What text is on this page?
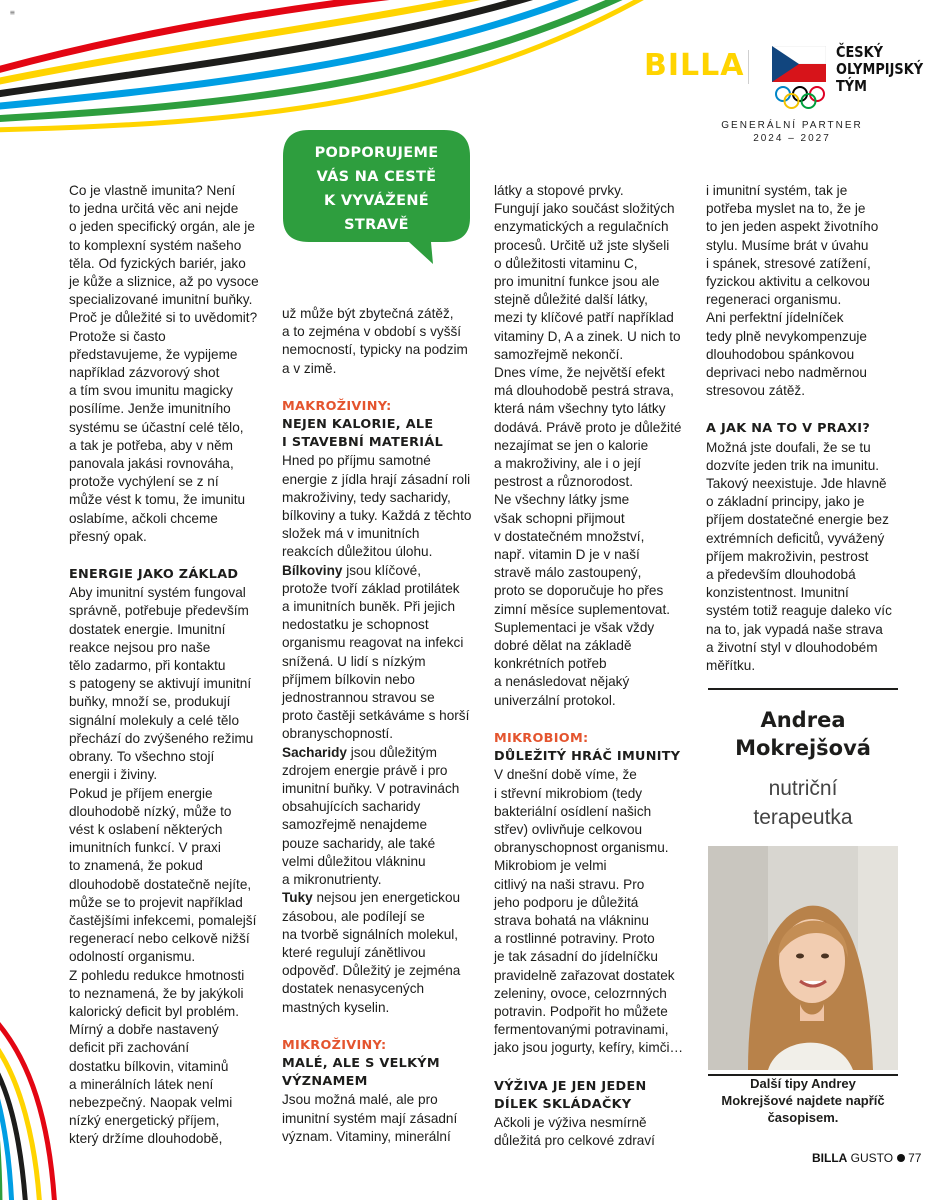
≡
BILLA	ČESKÝ
OLYMPIJSKÝ
TÝM
GENERÁLNÍ PARTNER
2024 – 2027
PODPORUJEME
VÁS NA CESTĚ
K VYVÁŽENÉ
STRAVĚ
Co je vlastně imunita? Není
to jedna určitá věc ani nejde
o jeden specifický orgán, ale je
to komplexní systém našeho
těla. Od fyzických bariér, jako
je kůže a sliznice, až po vysoce
specializované imunitní buňky.
Proč je důležité si to uvědomit?
Protože si často
představujeme, že vypijeme
například zázvorový shot
a tím svou imunitu magicky
posílíme. Jenže imunitního
systému se účastní celé tělo,
a tak je potřeba, aby v něm
panovala jakási rovnováha,
protože vychýlení se z ní
může vést k tomu, že imunitu
oslabíme, ačkoli chceme
přesný opak.

ENERGIE JAKO ZÁKLAD

Aby imunitní systém fungoval
správně, potřebuje především
dostatek energie. Imunitní
reakce nejsou pro naše
tělo zadarmo, při kontaktu
s patogeny se aktivují imunitní
buňky, množí se, produkují
signální molekuly a celé tělo
přechází do zvýšeného režimu
obrany. To všechno stojí
energii i živiny.
Pokud je příjem energie
dlouhodobě nízký, může to
vést k oslabení některých
imunitních funkcí. V praxi
to znamená, že pokud
dlouhodobě dostatečně nejíte,
může se to projevit například
častějšími infekcemi, pomalejší
regenerací nebo celkově nižší
odolností organismu.
Z pohledu redukce hmotnosti
to neznamená, že by jakýkoli
kalorický deficit byl problém.
Mírný a dobře nastavený
deficit při zachování
dostatku bílkovin, vitaminů
a minerálních látek není
nebezpečný. Naopak velmi
nízký energetický příjem,
který držíme dlouhodobě,
už může být zbytečná zátěž,
a to zejména v období s vyšší
nemocností, typicky na podzim
a v zimě.

MAKROŽIVINY:

NEJEN KALORIE, ALE
I STAVEBNÍ MATERIÁL
Hned po příjmu samotné
energie z jídla hrají zásadní roli
makroživiny, tedy sacharidy,
bílkoviny a tuky. Každá z těchto
složek má v imunitních
reakcích důležitou úlohu.

Bílkoviny jsou klíčové,

protože tvoří základ protilátek
a imunitních buněk. Při jejich
nedostatku je schopnost
organismu reagovat na infekci
snížená. U lidí s nízkým
příjmem bílkovin nebo
jednostrannou stravou se
proto častěji setkáváme s horší
obranyschopností.

Sacharidy jsou důležitým

zdrojem energie právě i pro
imunitní buňky. V potravinách
obsahujících sacharidy
samozřejmě nenajdeme
pouze sacharidy, ale také
velmi důležitou vlákninu
a mikronutrienty.

Tuky nejsou jen energetickou

zásobou, ale podílejí se
na tvorbě signálních molekul,
které regulují zánětlivou
odpověď. Důležitý je zejména
dostatek nenasycených
mastných kyselin.

MIKROŽIVINY:

MALÉ, ALE S VELKÝM
VÝZNAMEM
Jsou možná malé, ale pro
imunitní systém mají zásadní
význam. Vitaminy, minerální
látky a stopové prvky.
Fungují jako součást složitých
enzymatických a regulačních
procesů. Určitě už jste slyšeli
o důležitosti vitaminu C,
pro imunitní funkce jsou ale
stejně důležité další látky,
mezi ty klíčové patří například
vitaminy D, A a zinek. U nich to
samozřejmě nekončí.
Dnes víme, že největší efekt
má dlouhodobě pestrá strava,
která nám všechny tyto látky
dodává. Právě proto je důležité
nezajímat se jen o kalorie
a makroživiny, ale i o její
pestrost a různorodost.
Ne všechny látky jsme
však schopni přijmout
v dostatečném množství,
např. vitamin D je v naší
stravě málo zastoupený,
proto se doporučuje ho přes
zimní měsíce suplementovat.
Suplementaci je však vždy
dobré dělat na základě
konkrétních potřeb
a nenásledovat nějaký
univerzální protokol.

MIKROBIOM:

DŮLEŽITÝ HRÁČ IMUNITY
V dnešní době víme, že
i střevní mikrobiom (tedy
bakteriální osídlení našich
střev) ovlivňuje celkovou
obranyschopnost organismu.
Mikrobiom je velmi
citlivý na naši stravu. Pro
jeho podporu je důležitá
strava bohatá na vlákninu
a rostlinné potraviny. Proto
je tak zásadní do jídelníčku
pravidelně zařazovat dostatek
zeleniny, ovoce, celozrnných
potravin. Podpořit ho můžete
fermentovanými potravinami,
jako jsou jogurty, kefíry, kimči…
VÝŽIVA JE JEN JEDEN
DÍLEK SKLÁDAČKY
Ačkoli je výživa nesmírně
důležitá pro celkové zdraví
i imunitní systém, tak je
potřeba myslet na to, že je
to jen jeden aspekt životního
stylu. Musíme brát v úvahu
i spánek, stresové zatížení,
fyzickou aktivitu a celkovou
regeneraci organismu.
Ani perfektní jídelníček
tedy plně nevykompenzuje
dlouhodobou spánkovou
deprivaci nebo nadměrnou
stresovou zátěž.

A JAK NA TO V PRAXI?

Možná jste doufali, že se tu
dozvíte jeden trik na imunitu.
Takový neexistuje. Jde hlavně
o základní principy, jako je
příjem dostatečné energie bez
extrémních deficitů, vyvážený
příjem makroživin, pestrost
a především dlouhodobá
konzistentnost. Imunitní
systém totiž reaguje daleko víc
na to, jak vypadá naše strava
a životní styl v dlouhodobém
měřítku.
Andrea
Mokrejšová
nutriční
terapeutka
Další tipy Andrey
Mokrejšové najdete napříč
časopisem.
BILLA GUSTO 77
